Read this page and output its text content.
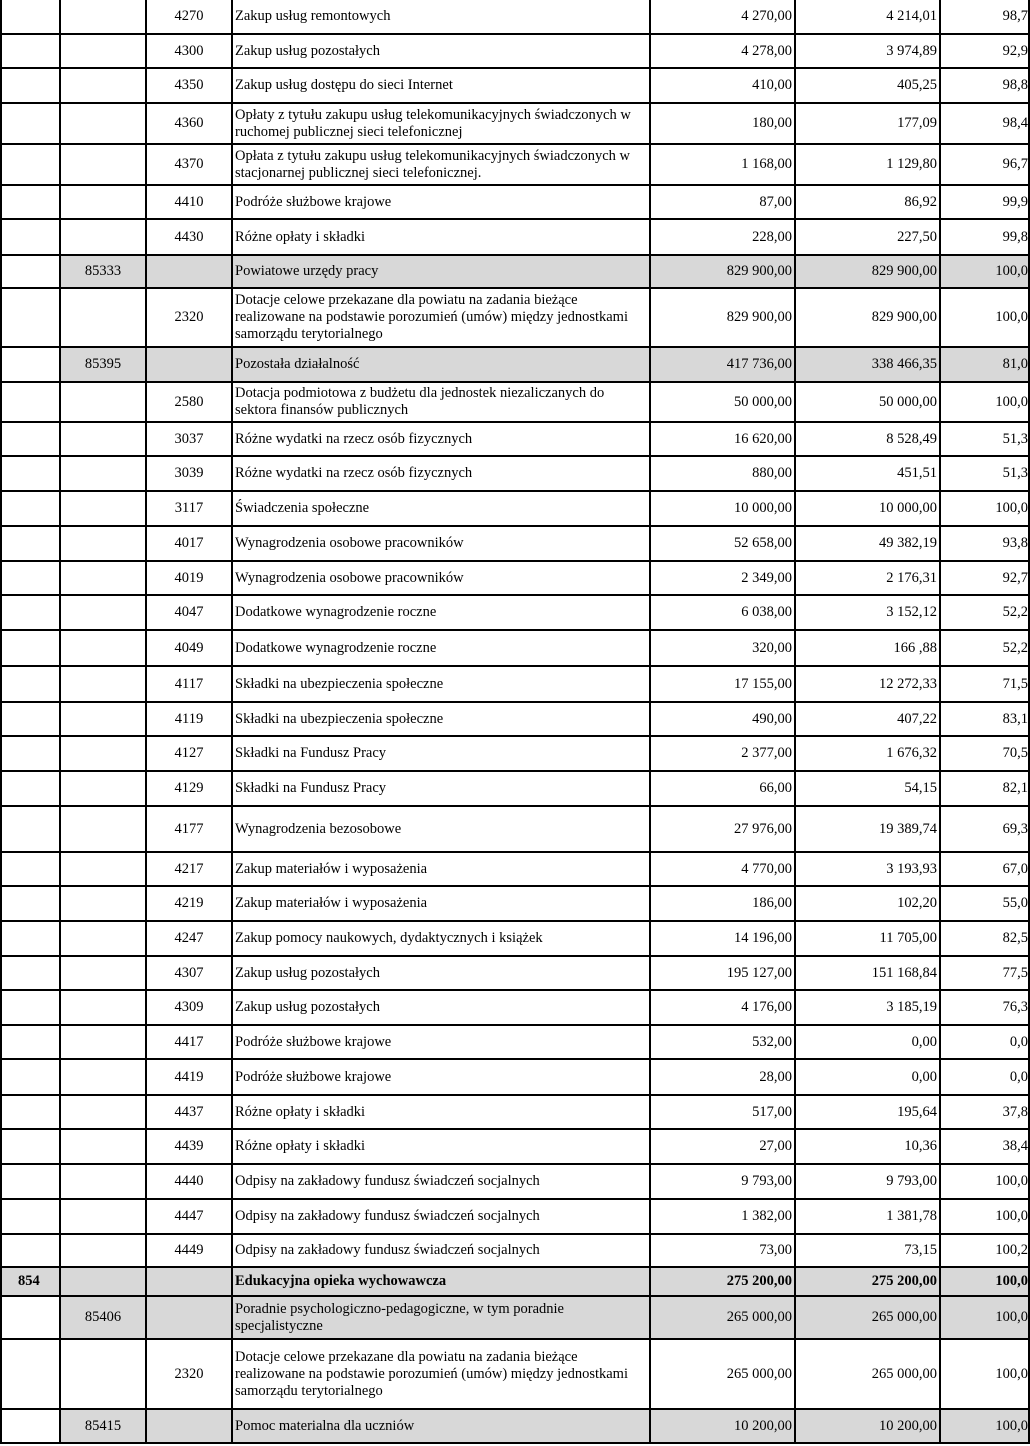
		4270	Zakup usług remontowych	4 270,00	4 214,01	98,7
		4300	Zakup usług pozostałych	4 278,00	3 974,89	92,9
		4350	Zakup usług dostępu do sieci Internet	410,00	405,25	98,8
		4360	Opłaty z tytułu zakupu usług telekomunikacyjnych świadczonych w ruchomej publicznej sieci telefonicznej	180,00	177,09	98,4
		4370	Opłata z tytułu zakupu usług telekomunikacyjnych świadczonych w stacjonarnej publicznej sieci telefonicznej.	1 168,00	1 129,80	96,7
		4410	Podróże służbowe krajowe	87,00	86,92	99,9
		4430	Różne opłaty i składki	228,00	227,50	99,8
	85333		Powiatowe urzędy pracy	829 900,00	829 900,00	100,0
		2320	Dotacje celowe przekazane dla powiatu na zadania bieżące realizowane na podstawie porozumień (umów) między jednostkami samorządu terytorialnego	829 900,00	829 900,00	100,0
	85395		Pozostała działalność	417 736,00	338 466,35	81,0
		2580	Dotacja podmiotowa z budżetu dla jednostek niezaliczanych do sektora finansów publicznych	50 000,00	50 000,00	100,0
		3037	Różne wydatki na rzecz osób fizycznych	16 620,00	8 528,49	51,3
		3039	Różne wydatki na rzecz osób fizycznych	880,00	451,51	51,3
		3117	Świadczenia społeczne	10 000,00	10 000,00	100,0
		4017	Wynagrodzenia osobowe pracowników	52 658,00	49 382,19	93,8
		4019	Wynagrodzenia osobowe pracowników	2 349,00	2 176,31	92,7
		4047	Dodatkowe wynagrodzenie roczne	6 038,00	3 152,12	52,2
		4049	Dodatkowe wynagrodzenie roczne	320,00	166 ,88	52,2
		4117	Składki na ubezpieczenia społeczne	17 155,00	12 272,33	71,5
		4119	Składki na ubezpieczenia społeczne	490,00	407,22	83,1
		4127	Składki na Fundusz Pracy	2 377,00	1 676,32	70,5
		4129	Składki na Fundusz Pracy	66,00	54,15	82,1
		4177	Wynagrodzenia bezosobowe	27 976,00	19 389,74	69,3
		4217	Zakup materiałów i wyposażenia	4 770,00	3 193,93	67,0
		4219	Zakup materiałów i wyposażenia	186,00	102,20	55,0
		4247	Zakup pomocy naukowych, dydaktycznych i książek	14 196,00	11 705,00	82,5
		4307	Zakup usług pozostałych	195 127,00	151 168,84	77,5
		4309	Zakup usług pozostałych	4 176,00	3 185,19	76,3
		4417	Podróże służbowe krajowe	532,00	0,00	0,0
		4419	Podróże służbowe krajowe	28,00	0,00	0,0
		4437	Różne opłaty i składki	517,00	195,64	37,8
		4439	Różne opłaty i składki	27,00	10,36	38,4
		4440	Odpisy na zakładowy fundusz świadczeń socjalnych	9 793,00	9 793,00	100,0
		4447	Odpisy na zakładowy fundusz świadczeń socjalnych	1 382,00	1 381,78	100,0
		4449	Odpisy na zakładowy fundusz świadczeń socjalnych	73,00	73,15	100,2
854			Edukacyjna opieka wychowawcza	275 200,00	275 200,00	100,0
	85406		Poradnie psychologiczno-pedagogiczne, w tym poradnie specjalistyczne	265 000,00	265 000,00	100,0
		2320	Dotacje celowe przekazane dla powiatu na zadania bieżące realizowane na podstawie porozumień (umów) między jednostkami samorządu terytorialnego	265 000,00	265 000,00	100,0
	85415		Pomoc materialna dla uczniów	10 200,00	10 200,00	100,0
